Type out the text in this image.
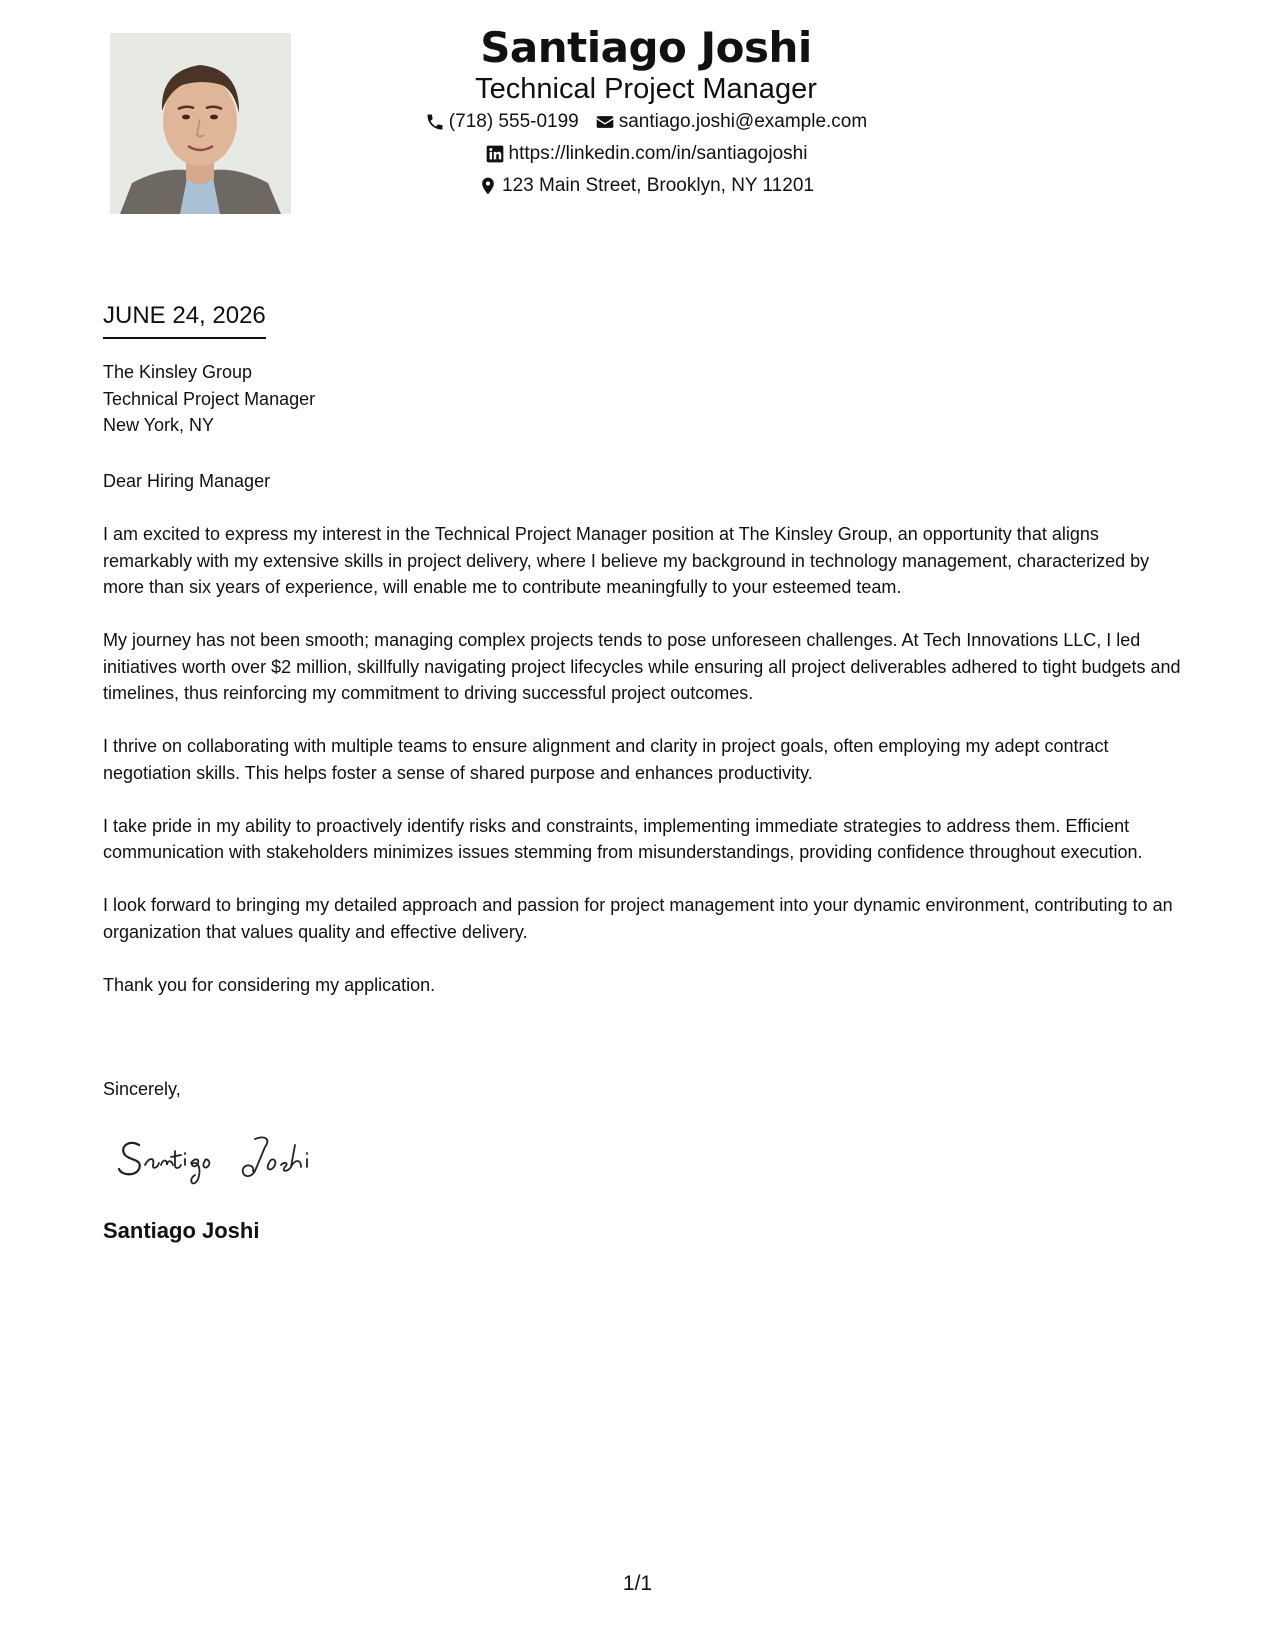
Santiago Joshi
Technical Project Manager
(718) 555-0199 santiago.joshi@example.com
https://linkedin.com/in/santiagojoshi
123 Main Street, Brooklyn, NY 11201
JUNE 24, 2026
The Kinsley Group
Technical Project Manager
New York, NY
Dear Hiring Manager

I am excited to express my interest in the Technical Project Manager position at The Kinsley Group, an opportunity that aligns remarkably with my extensive skills in project delivery, where I believe my background in technology management, characterized by more than six years of experience, will enable me to contribute meaningfully to your esteemed team.

My journey has not been smooth; managing complex projects tends to pose unforeseen challenges. At Tech Innovations LLC, I led initiatives worth over $2 million, skillfully navigating project lifecycles while ensuring all project deliverables adhered to tight budgets and timelines, thus reinforcing my commitment to driving successful project outcomes.

I thrive on collaborating with multiple teams to ensure alignment and clarity in project goals, often employing my adept contract negotiation skills. This helps foster a sense of shared purpose and enhances productivity.

I take pride in my ability to proactively identify risks and constraints, implementing immediate strategies to address them. Efficient communication with stakeholders minimizes issues stemming from misunderstandings, providing confidence throughout execution.

I look forward to bringing my detailed approach and passion for project management into your dynamic environment, contributing to an organization that values quality and effective delivery.

Thank you for considering my application.

Sincerely,
Santiago Joshi
1/1
